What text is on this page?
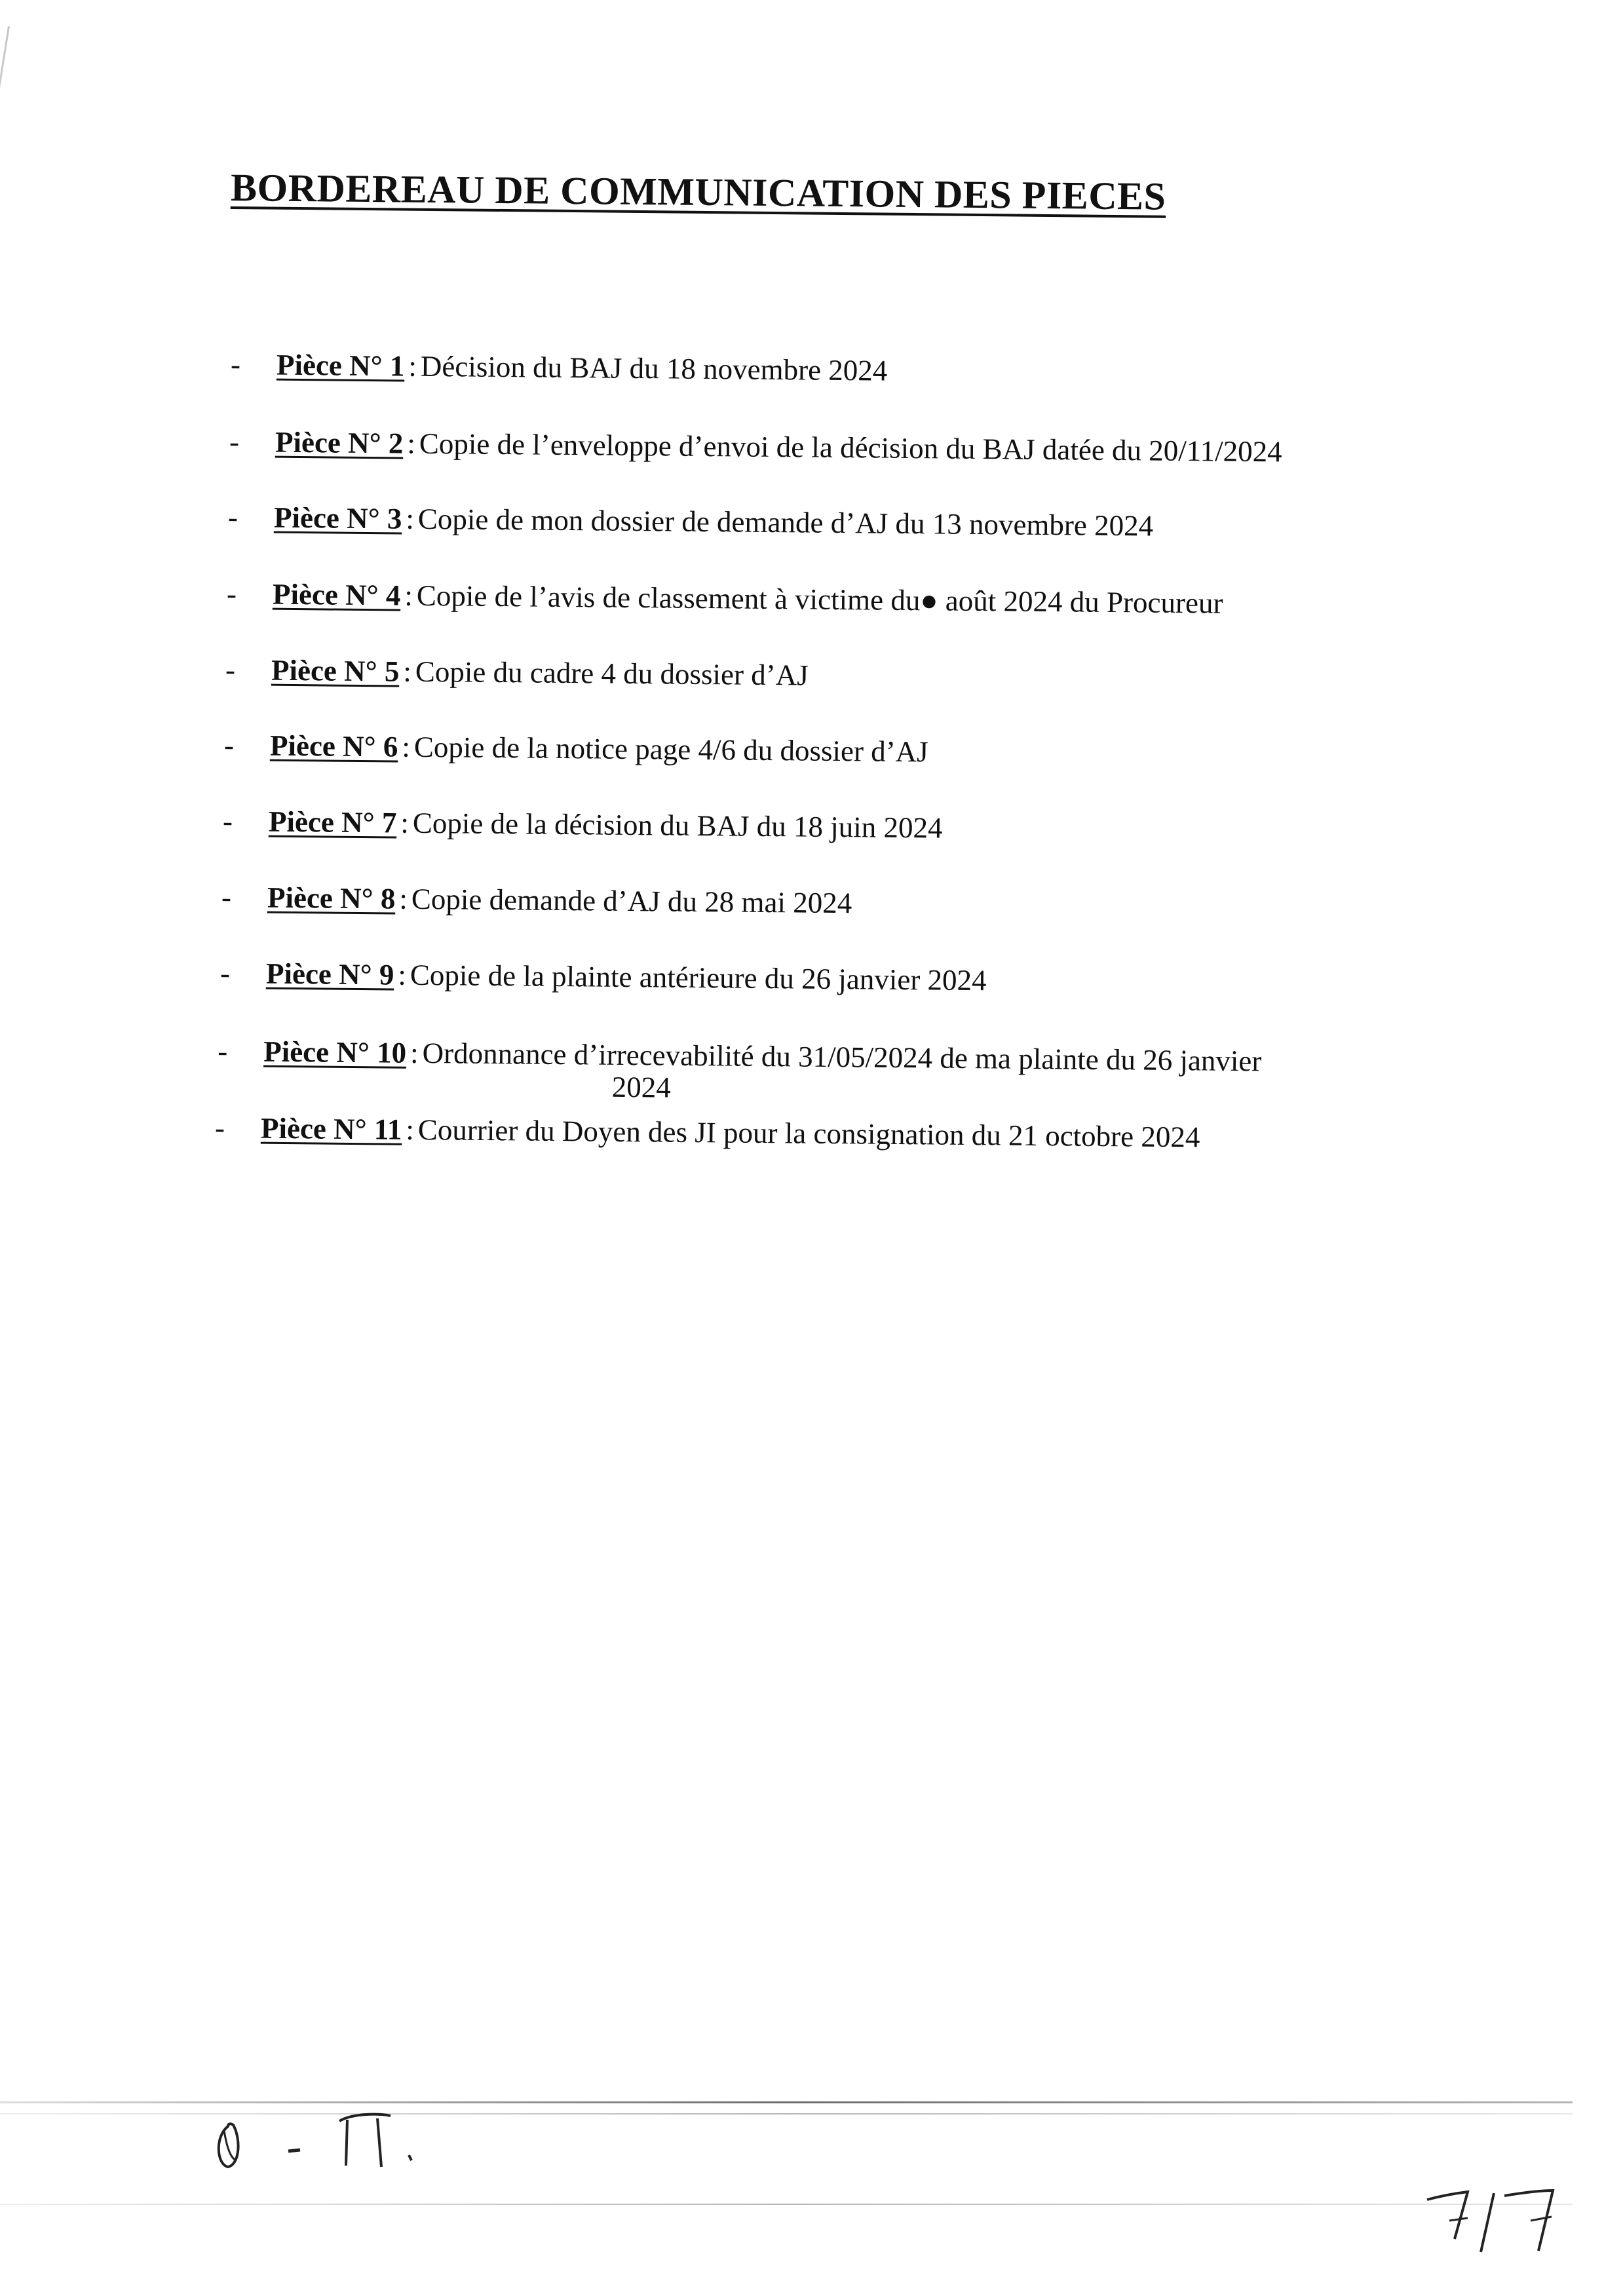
BORDEREAU DE COMMUNICATION DES PIECES
- Pièce N° 1 : Décision du BAJ du 18 novembre 2024
- Pièce N° 2 : Copie de l’enveloppe d’envoi de la décision du BAJ datée du 20/11/2024
- Pièce N° 3 : Copie de mon dossier de demande d’AJ du 13 novembre 2024
- Pièce N° 4 : Copie de l’avis de classement à victime du● août 2024 du Procureur
- Pièce N° 5 : Copie du cadre 4 du dossier d’AJ
- Pièce N° 6 : Copie de la notice page 4/6 du dossier d’AJ
- Pièce N° 7 : Copie de la décision du BAJ du 18 juin 2024
- Pièce N° 8 : Copie demande d’AJ du 28 mai 2024
- Pièce N° 9 : Copie de la plainte antérieure du 26 janvier 2024
- Pièce N° 10 : Ordonnance d’irrecevabilité du 31/05/2024 de ma plainte du 26 janvier
2024
- Pièce N° 11 : Courrier du Doyen des JI pour la consignation du 21 octobre 2024
